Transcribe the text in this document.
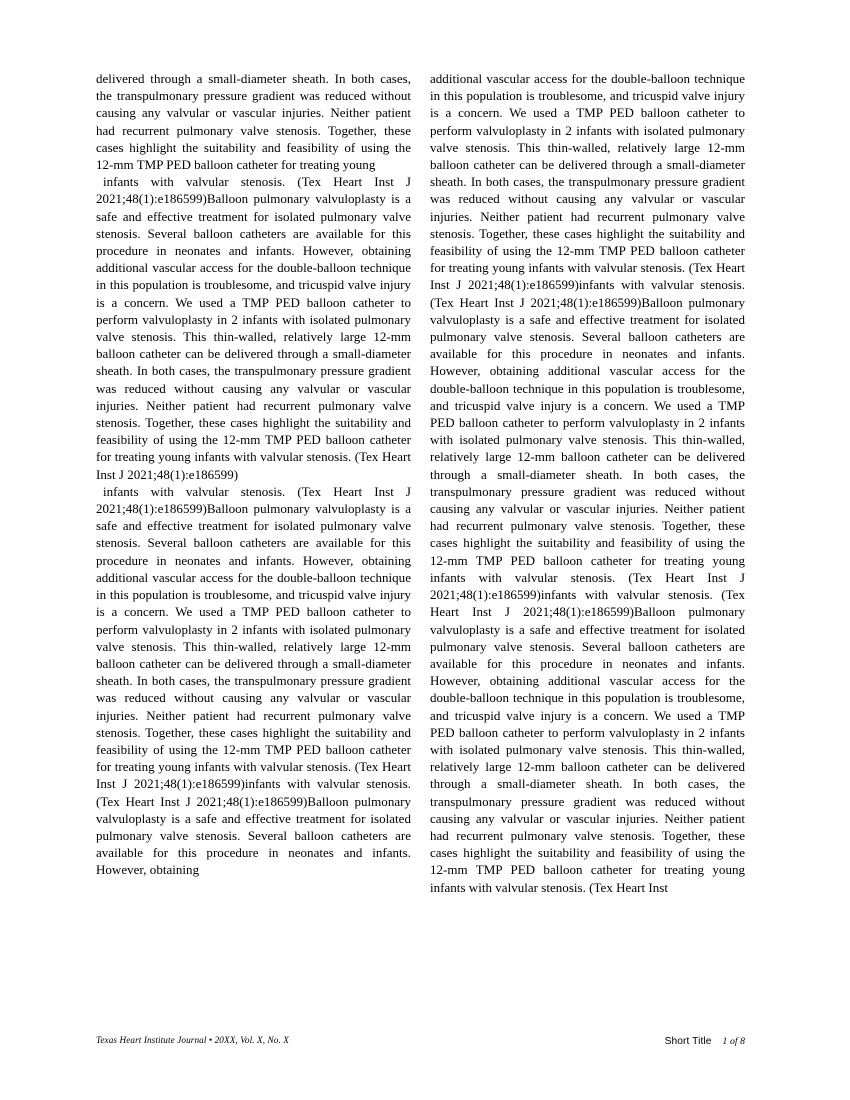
delivered through a small-diameter sheath. In both cases, the transpulmonary pressure gradient was reduced without causing any valvular or vascular injuries. Neither patient had recurrent pulmonary valve stenosis. Together, these cases highlight the suitability and feasibility of using the 12-mm TMP PED balloon catheter for treating young

infants with valvular stenosis. (Tex Heart Inst J 2021;48(1):e186599)Balloon pulmonary valvuloplasty is a safe and effective treatment for isolated pulmonary valve stenosis. Several balloon catheters are available for this procedure in neonates and infants. However, obtaining additional vascular access for the double-balloon technique in this population is troublesome, and tricuspid valve injury is a concern. We used a TMP PED balloon catheter to perform valvuloplasty in 2 infants with isolated pulmonary valve stenosis. This thin-walled, relatively large 12-mm balloon catheter can be delivered through a small-diameter sheath. In both cases, the transpulmonary pressure gradient was reduced without causing any valvular or vascular injuries. Neither patient had recurrent pulmonary valve stenosis. Together, these cases highlight the suitability and feasibility of using the 12-mm TMP PED balloon catheter for treating young infants with valvular stenosis. (Tex Heart Inst J 2021;48(1):e186599)

infants with valvular stenosis. (Tex Heart Inst J 2021;48(1):e186599)Balloon pulmonary valvuloplasty is a safe and effective treatment for isolated pulmonary valve stenosis. Several balloon catheters are available for this procedure in neonates and infants. However, obtaining additional vascular access for the double-balloon technique in this population is troublesome, and tricuspid valve injury is a concern. We used a TMP PED balloon catheter to perform valvuloplasty in 2 infants with isolated pulmonary valve stenosis. This thin-walled, relatively large 12-mm balloon catheter can be delivered through a small-diameter sheath. In both cases, the transpulmonary pressure gradient was reduced without causing any valvular or vascular injuries. Neither patient had recurrent pulmonary valve stenosis. Together, these cases highlight the suitability and feasibility of using the 12-mm TMP PED balloon catheter for treating young infants with valvular stenosis. (Tex Heart Inst J 2021;48(1):e186599)infants with valvular stenosis. (Tex Heart Inst J 2021;48(1):e186599)Balloon pulmonary valvuloplasty is a safe and effective treatment for isolated pulmonary valve stenosis. Several balloon catheters are available for this procedure in neonates and infants. However, obtaining

additional vascular access for the double-balloon technique in this population is troublesome, and tricuspid valve injury is a concern. We used a TMP PED balloon catheter to perform valvuloplasty in 2 infants with isolated pulmonary valve stenosis. This thin-walled, relatively large 12-mm balloon catheter can be delivered through a small-diameter sheath. In both cases, the transpulmonary pressure gradient was reduced without causing any valvular or vascular injuries. Neither patient had recurrent pulmonary valve stenosis. Together, these cases highlight the suitability and feasibility of using the 12-mm TMP PED balloon catheter for treating young infants with valvular stenosis. (Tex Heart Inst J 2021;48(1):e186599)infants with valvular stenosis. (Tex Heart Inst J 2021;48(1):e186599)Balloon pulmonary valvuloplasty is a safe and effective treatment for isolated pulmonary valve stenosis. Several balloon catheters are available for this procedure in neonates and infants. However, obtaining additional vascular access for the double-balloon technique in this population is troublesome, and tricuspid valve injury is a concern. We used a TMP PED balloon catheter to perform valvuloplasty in 2 infants with isolated pulmonary valve stenosis. This thin-walled, relatively large 12-mm balloon catheter can be delivered through a small-diameter sheath. In both cases, the transpulmonary pressure gradient was reduced without causing any valvular or vascular injuries. Neither patient had recurrent pulmonary valve stenosis. Together, these cases highlight the suitability and feasibility of using the 12-mm TMP PED balloon catheter for treating young infants with valvular stenosis. (Tex Heart Inst J 2021;48(1):e186599)infants with valvular stenosis. (Tex Heart Inst J 2021;48(1):e186599)Balloon pulmonary valvuloplasty is a safe and effective treatment for isolated pulmonary valve stenosis. Several balloon catheters are available for this procedure in neonates and infants. However, obtaining additional vascular access for the double-balloon technique in this population is troublesome, and tricuspid valve injury is a concern. We used a TMP PED balloon catheter to perform valvuloplasty in 2 infants with isolated pulmonary valve stenosis. This thin-walled, relatively large 12-mm balloon catheter can be delivered through a small-diameter sheath. In both cases, the transpulmonary pressure gradient was reduced without causing any valvular or vascular injuries. Neither patient had recurrent pulmonary valve stenosis. Together, these cases highlight the suitability and feasibility of using the 12-mm TMP PED balloon catheter for treating young infants with valvular stenosis. (Tex Heart Inst

Texas Heart Institute Journal • 20XX, Vol. X, No. X	Short Title 1 of 8
